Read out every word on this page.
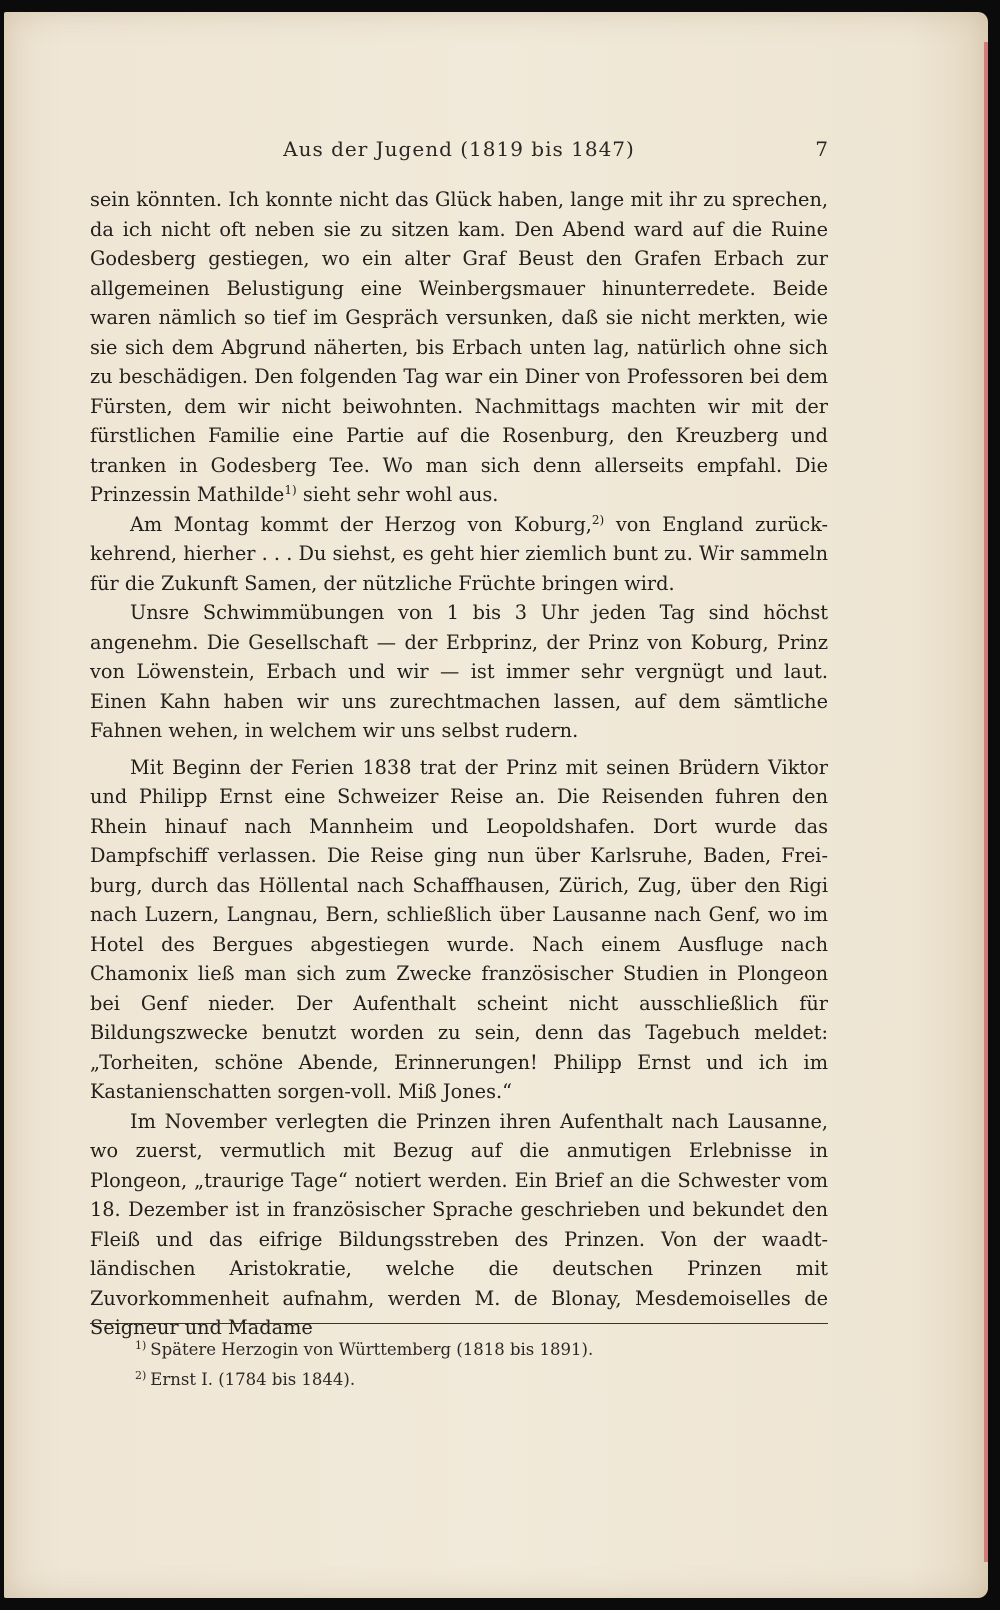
Aus der Jugend (1819 bis 1847)	7

sein könnten. Ich konnte nicht das Glück haben, lange mit ihr zu sprechen, da ich nicht oft neben sie zu sitzen kam. Den Abend ward auf die Ruine Godesberg gestiegen, wo ein alter Graf Beust den Grafen Erbach zur allgemeinen Belustigung eine Weinbergsmauer hinunterredete. Beide waren nämlich so tief im Gespräch versunken, daß sie nicht merkten, wie sie sich dem Abgrund näherten, bis Erbach unten lag, natürlich ohne sich zu beschädigen. Den folgenden Tag war ein Diner von Professoren bei dem Fürsten, dem wir nicht beiwohnten. Nachmittags machten wir mit der fürstlichen Familie eine Partie auf die Rosenburg, den Kreuzberg und tranken in Godesberg Tee. Wo man sich denn allerseits empfahl. Die Prinzessin Mathilde$^{1)}$ sieht sehr wohl aus.

Am Montag kommt der Herzog von Koburg,$^{2)}$ von England zurück-kehrend, hierher . . . Du siehst, es geht hier ziemlich bunt zu. Wir sammeln für die Zukunft Samen, der nützliche Früchte bringen wird.

Unsre Schwimmübungen von 1 bis 3 Uhr jeden Tag sind höchst angenehm. Die Gesellschaft — der Erbprinz, der Prinz von Koburg, Prinz von Löwenstein, Erbach und wir — ist immer sehr vergnügt und laut. Einen Kahn haben wir uns zurechtmachen lassen, auf dem sämtliche Fahnen wehen, in welchem wir uns selbst rudern.

Mit Beginn der Ferien 1838 trat der Prinz mit seinen Brüdern Viktor und Philipp Ernst eine Schweizer Reise an. Die Reisenden fuhren den Rhein hinauf nach Mannheim und Leopoldshafen. Dort wurde das Dampfschiff verlassen. Die Reise ging nun über Karlsruhe, Baden, Frei-burg, durch das Höllental nach Schaffhausen, Zürich, Zug, über den Rigi nach Luzern, Langnau, Bern, schließlich über Lausanne nach Genf, wo im Hotel des Bergues abgestiegen wurde. Nach einem Ausfluge nach Chamonix ließ man sich zum Zwecke französischer Studien in Plongeon bei Genf nieder. Der Aufenthalt scheint nicht ausschließlich für Bildungszwecke benutzt worden zu sein, denn das Tagebuch meldet: „Torheiten, schöne Abende, Erinnerungen! Philipp Ernst und ich im Kastanienschatten sorgen-voll. Miß Jones.“

Im November verlegten die Prinzen ihren Aufenthalt nach Lausanne, wo zuerst, vermutlich mit Bezug auf die anmutigen Erlebnisse in Plongeon, „traurige Tage“ notiert werden. Ein Brief an die Schwester vom 18. Dezember ist in französischer Sprache geschrieben und bekundet den Fleiß und das eifrige Bildungsstreben des Prinzen. Von der waadt-ländischen Aristokratie, welche die deutschen Prinzen mit Zuvorkommenheit aufnahm, werden M. de Blonay, Mesdemoiselles de Seigneur und Madame

$^{1)}$ Spätere Herzogin von Württemberg (1818 bis 1891).

$^{2)}$ Ernst I. (1784 bis 1844).
